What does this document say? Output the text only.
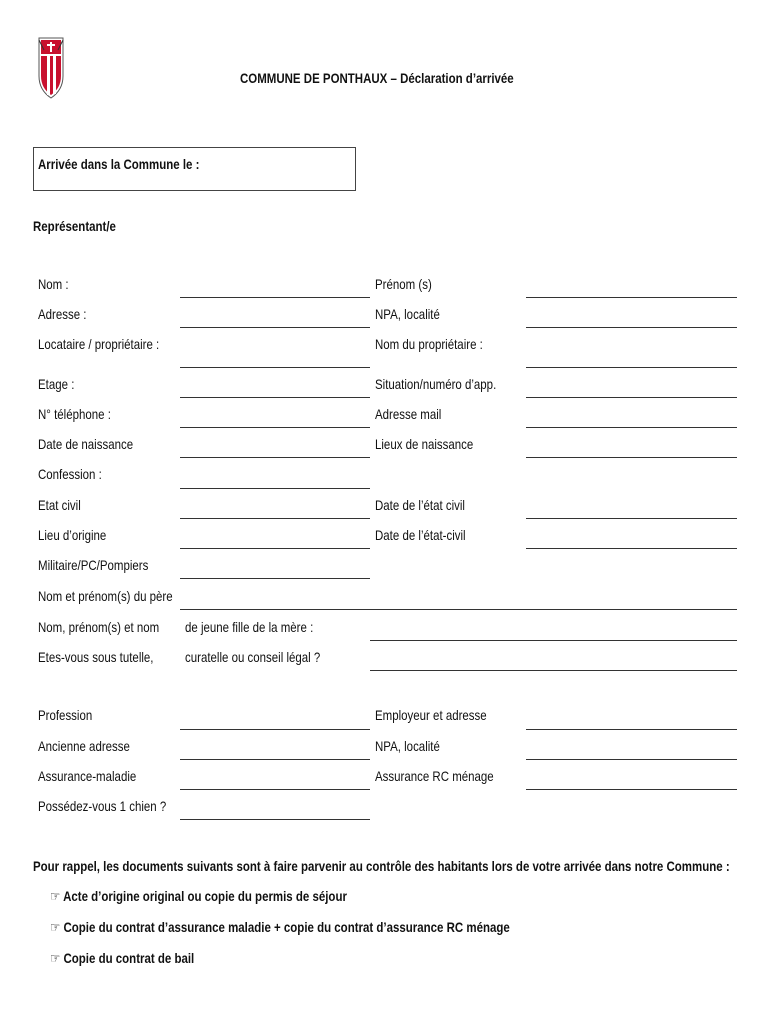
COMMUNE DE PONTHAUX – Déclaration d’arrivée
Arrivée dans la Commune le :
Représentant/e
Nom :
Adresse :
Locataire / propriétaire :
Etage :
N° téléphone :
Date de naissance
Confession :
Etat civil
Lieu d’origine
Militaire/PC/Pompiers
Prénom (s)
NPA, localité
Nom du propriétaire :
Situation/numéro d’app.
Adresse mail
Lieux de naissance
Date de l’état civil
Date de l’état-civil
Nom et prénom(s) du père
Nom, prénom(s) et nom de jeune fille de la mère :
Etes-vous sous tutelle, curatelle ou conseil légal ?
Profession
Ancienne adresse
Assurance-maladie
Possédez-vous 1 chien ?
Employeur et adresse
NPA, localité
Assurance RC ménage
Pour rappel, les documents suivants sont à faire parvenir au contrôle des habitants lors de votre arrivée dans notre Commune :
☞ Acte d’origine original ou copie du permis de séjour
☞ Copie du contrat d’assurance maladie + copie du contrat d’assurance RC ménage
☞ Copie du contrat de bail
